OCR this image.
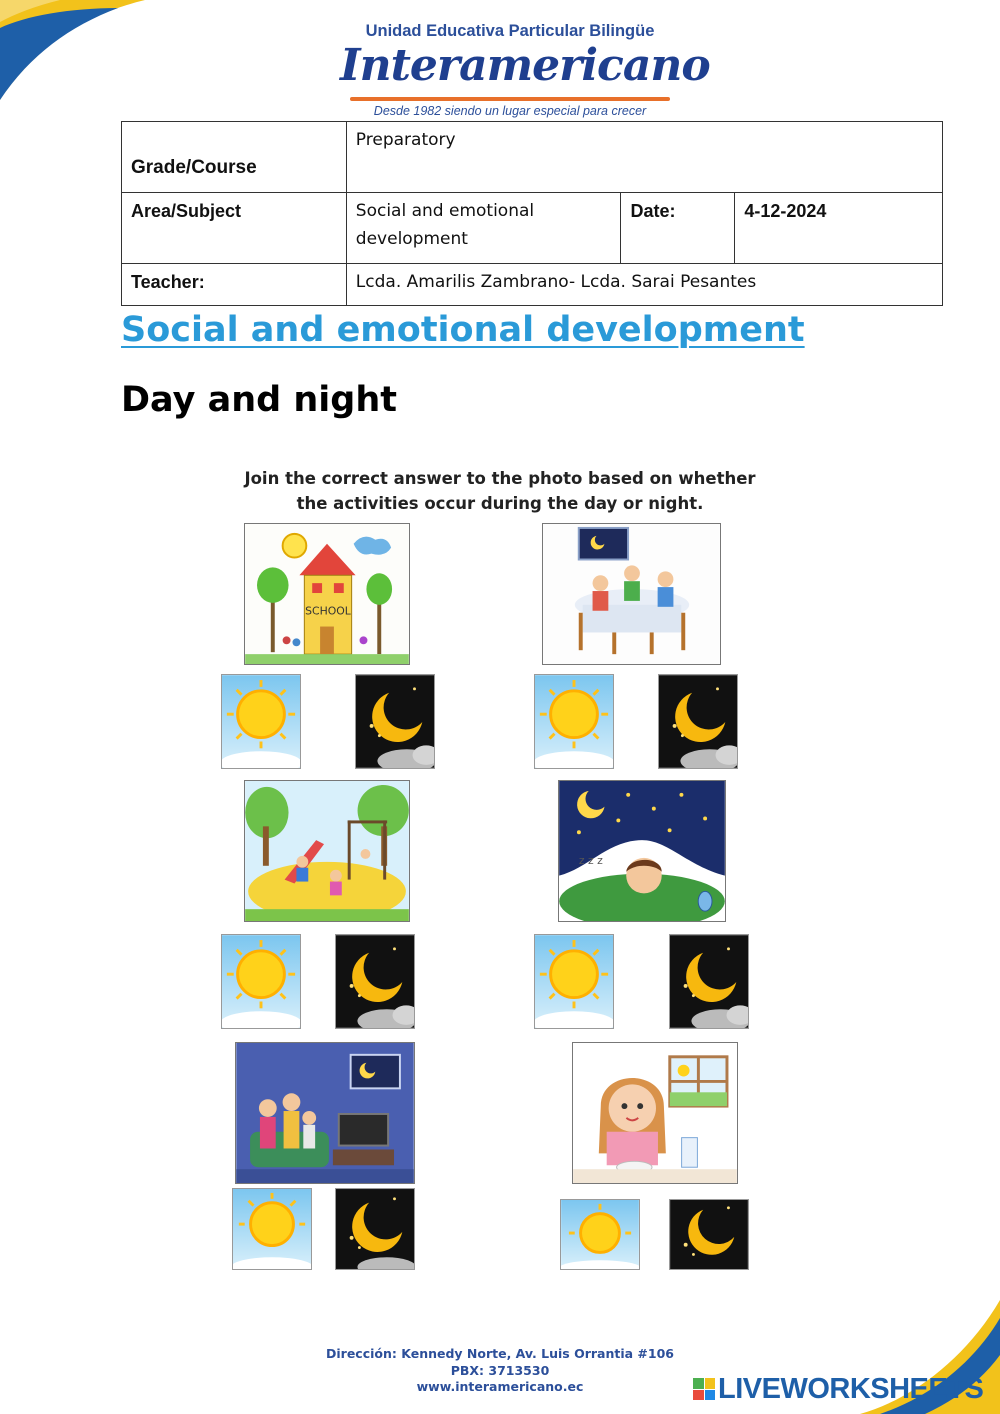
Unidad Educativa Particular Bilingüe
Interamericano
Desde 1982 siendo un lugar especial para crecer
Grade/Course	Preparatory		
Area/Subject	Social and emotional development	Date:	4-12-2024
Teacher:	Lcda. Amarilis Zambrano- Lcda. Sarai Pesantes		
Social and emotional development
Day and night
Join the correct answer to the photo based on whether the activities occur during the day or night.
SCHOOL
z z z
Dirección: Kennedy Norte, Av. Luis Orrantia #106
PBX: 3713530
www.interamericano.ec	LIVEWORKSHEETS
